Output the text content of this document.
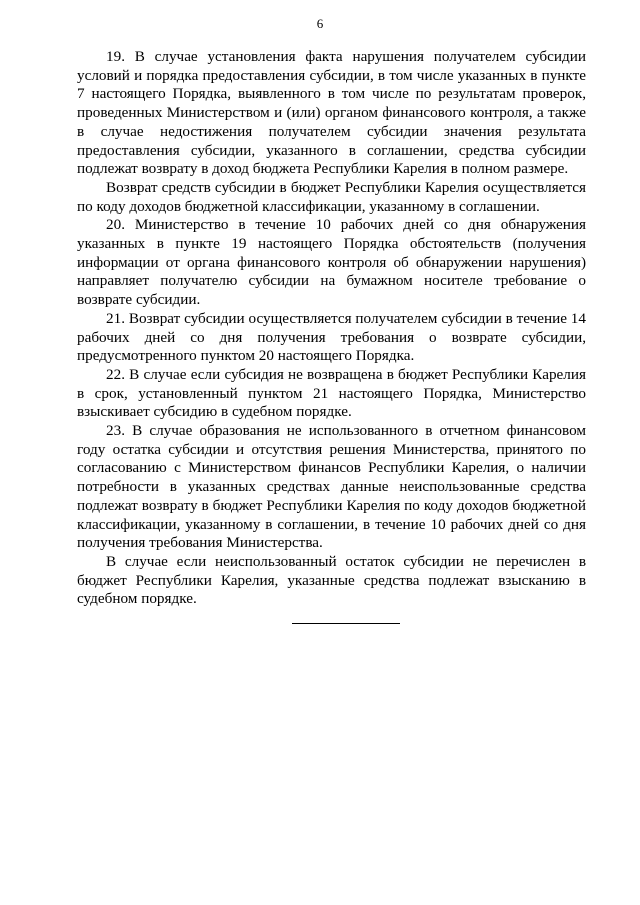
6

19. В случае установления факта нарушения получателем субсидии условий и порядка предоставления субсидии, в том числе указанных в пункте 7 настоящего Порядка, выявленного в том числе по результатам проверок, проведенных Министерством и (или) органом финансового контроля, а также в случае недостижения получателем субсидии значения результата предоставления субсидии, указанного в соглашении, средства субсидии подлежат возврату в доход бюджета Республики Карелия в полном размере.

Возврат средств субсидии в бюджет Республики Карелия осуществляется по коду доходов бюджетной классификации, указанному в соглашении.

20. Министерство в течение 10 рабочих дней со дня обнаружения указанных в пункте 19 настоящего Порядка обстоятельств (получения информации от органа финансового контроля об обнаружении нарушения) направляет получателю субсидии на бумажном носителе требование о возврате субсидии.

21. Возврат субсидии осуществляется получателем субсидии в течение 14 рабочих дней со дня получения требования о возврате субсидии, предусмотренного пунктом 20 настоящего Порядка.

22. В случае если субсидия не возвращена в бюджет Республики Карелия в срок, установленный пунктом 21 настоящего Порядка, Министерство взыскивает субсидию в судебном порядке.

23. В случае образования не использованного в отчетном финансовом году остатка субсидии и отсутствия решения Министерства, принятого по согласованию с Министерством финансов Республики Карелия, о наличии потребности в указанных средствах данные неиспользованные средства подлежат возврату в бюджет Республики Карелия по коду доходов бюджетной классификации, указанному в соглашении, в течение 10 рабочих дней со дня получения требования Министерства.

В случае если неиспользованный остаток субсидии не перечислен в бюджет Республики Карелия, указанные средства подлежат взысканию в судебном порядке.
